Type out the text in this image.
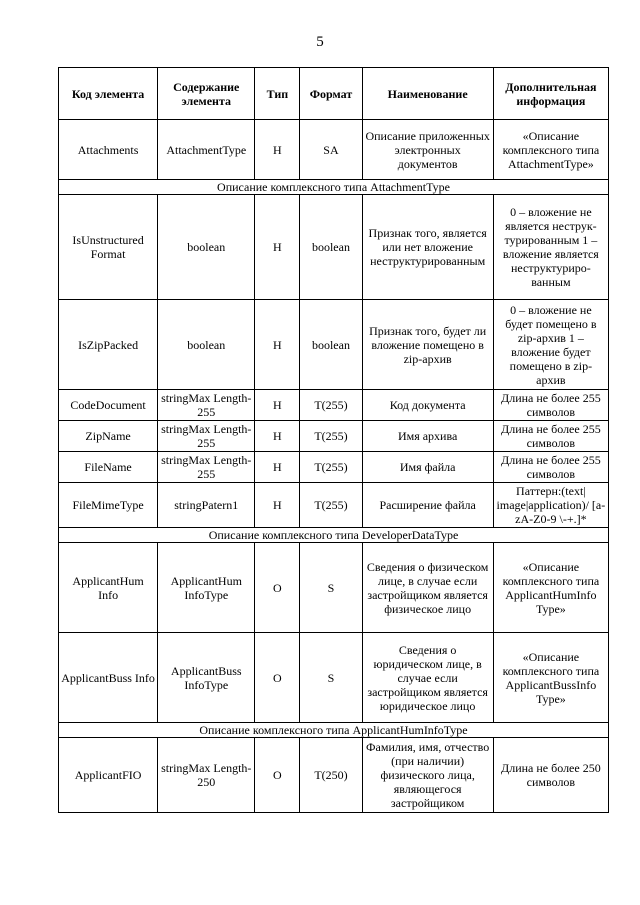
5
Код элемента	Содержание элемента	Тип	Формат	Наименование	Дополнительная информация
Attachments	AttachmentType	Н	SA	Описание приложенных электронных документов	«Описание комплексного типа AttachmentType»
Описание комплексного типа AttachmentType					
IsUnstructured Format	boolean	Н	boolean	Признак того, является или нет вложение неструктурированным	0 – вложение не является неструк-турированным 1 – вложение является неструктуриро-ванным
IsZipPacked	boolean	Н	boolean	Признак того, будет ли вложение помещено в zip-архив	0 – вложение не будет помещено в zip-архив 1 – вложение будет помещено в zip-архив
CodeDocument	stringMax Length-255	Н	T(255)	Код документа	Длина не более 255 символов
ZipName	stringMax Length-255	Н	T(255)	Имя архива	Длина не более 255 символов
FileName	stringMax Length-255	Н	T(255)	Имя файла	Длина не более 255 символов
FileMimeType	stringPatern1	Н	T(255)	Расширение файла	Паттерн:(text| image|application)/ [a-zA-Z0-9 \-+.]*
Описание комплексного типа DeveloperDataType					
ApplicantHum Info	ApplicantHum InfoType	О	S	Сведения о физическом лице, в случае если застройщиком является физическое лицо	«Описание комплексного типа ApplicantHumInfo Type»
ApplicantBuss Info	ApplicantBuss InfoType	О	S	Сведения о юридическом лице, в случае если застройщиком является юридическое лицо	«Описание комплексного типа ApplicantBussInfo Type»
Описание комплексного типа ApplicantHumInfoType					
ApplicantFIO	stringMax Length-250	О	T(250)	Фамилия, имя, отчество (при наличии) физического лица, являющегося застройщиком	Длина не более 250 символов
